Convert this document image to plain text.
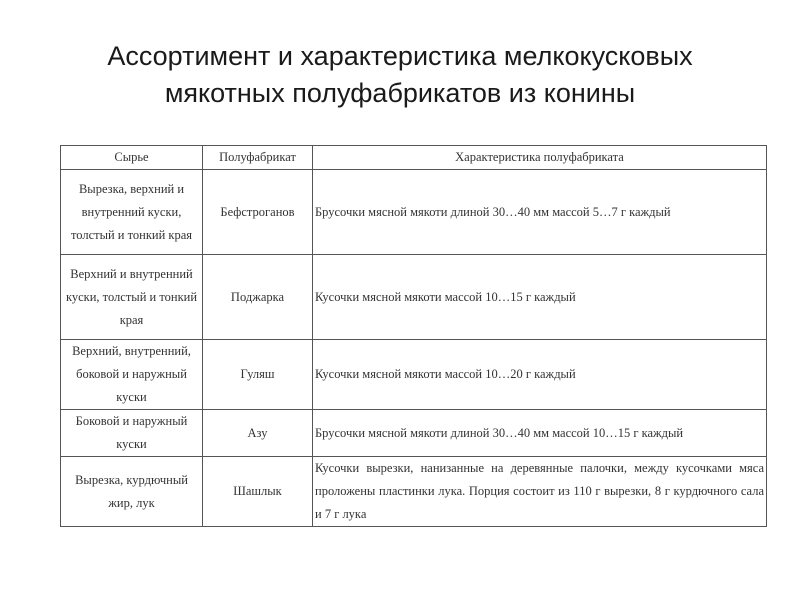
Ассортимент и характеристика мелкокусковых
мякотных полуфабрикатов из конины
Сырье	Полуфабрикат	Характеристика полуфабриката
Вырезка, верхний и внутренний куски, толстый и тонкий края	Бефстроганов	Брусочки мясной мякоти длиной 30…40 мм массой 5…7 г каждый
Верхний и внутренний куски, толстый и тонкий края	Поджарка	Кусочки мясной мякоти массой 10…15 г каждый
Верхний, внутренний, боковой и наружный куски	Гуляш	Кусочки мясной мякоти массой 10…20 г каждый
Боковой и наружный куски	Азу	Брусочки мясной мякоти длиной 30…40 мм массой 10…15 г каждый
Вырезка, курдючный жир, лук	Шашлык	Кусочки вырезки, нанизанные на деревянные палочки, между кусочками мяса проложены пластинки лука. Порция состоит из 110 г вырезки, 8 г курдючного сала и 7 г лука
